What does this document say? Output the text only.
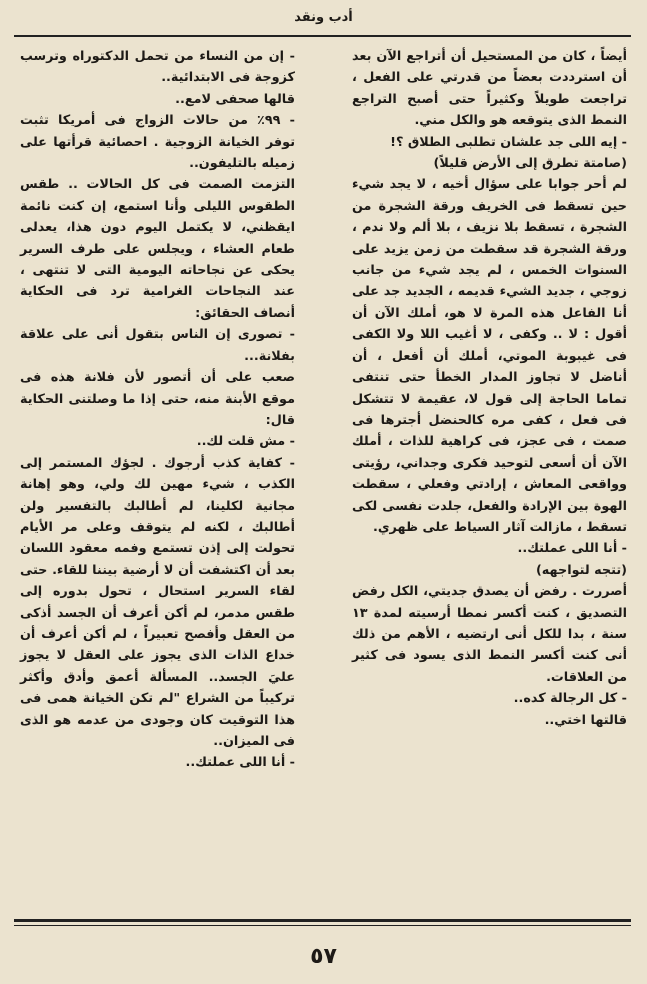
أدب ونقد

أيضاً ، كان من المستحيل أن أتراجع الآن بعد أن استرددت بعضاً من قدرتي على الفعل ، تراجعت طويلاً وكثيراً حتى أصبح التراجع النمط الذى يتوقعه هو والكل مني.

- إيه اللى جد علشان تطلبى الطلاق ؟!

(صامتة تطرق إلى الأرض قليلاً)

لم أحر جوابا على سؤال أخيه ، لا يجد شيء حين تسقط فى الخريف ورقة الشجرة من الشجرة ، تسقط بلا نزيف ، بلا ألم ولا ندم ، ورقة الشجرة قد سقطت من زمن يزيد على السنوات الخمس ، لم يجد شيء من جانب زوجي ، جديد الشيء قديمه ، الجديد جد على أنا الفاعل هذه المرة لا هو، أملك الآن أن أقول : لا .. وكفى ، لا أغيب اللا ولا الكفى فى غيبوبة الموتي، أملك أن أفعل ، أن أناضل لا تجاوز المدار الخطأ حتى تنتفى تماما الحاجة إلى قول لا، عقيمة لا تتشكل فى فعل ، كفى مره كالحنضل أجترها فى صمت ، فى عجز، فى كراهية للذات ، أملك الآن أن أسعى لتوحيد فكرى وجداني، رؤيتى وواقعى المعاش ، إرادتي وفعلي ، سقطت الهوة بين الإرادة والفعل، جلدت نفسى لكى تسقط ، مازالت آثار السياط على ظهري.

- أنا اللى عملتك..

(تتجه لتواجهه)

أصررت . رفض أن يصدق جديتي، الكل رفض التصديق ، كنت أكسر نمطا أرسيته لمدة ١٣ سنة ، بدا للكل أنى ارتضيه ، الأهم من ذلك أنى كنت أكسر النمط الذى يسود فى كثير من العلاقات.

- كل الرجالة كده..

قالتها اختي..

- إن من النساء من تحمل الدكتوراه وترسب كزوجة فى الابتدائية..

قالها صحفى لامع..

- ٩٩٪ من حالات الزواج فى أمريكا تثبت توفر الخيانة الزوجية . احصائية قرأتها على زميله بالتليفون..

التزمت الصمت فى كل الحالات .. طقس الطقوس الليلى وأنا استمع، إن كنت نائمة ايقظني، لا يكتمل اليوم دون هذا، يعدلى طعام العشاء ، ويجلس على طرف السرير يحكى عن نجاحاته اليومية التى لا تنتهى ، عند النجاحات الغرامية ترد فى الحكاية أنصاف الحقائق:

- تصورى إن الناس بتقول أنى على علاقة بفلانة...

صعب على أن أتصور لأن فلانة هذه فى موقع الأبنة منه، حتى إذا ما وصلتنى الحكاية قال:

- مش قلت لك..

- كفاية كذب أرجوك . لجؤك المستمر إلى الكذب ، شيء مهين لك ولي، وهو إهانة مجانية لكلينا، لم أطالبك بالتفسير ولن أطالبك ، لكنه لم يتوقف وعلى مر الأيام تحولت إلى إذن تستمع وفمه معقود اللسان بعد أن اكتشفت أن لا أرضية بيننا للقاء. حتى لقاء السرير استحال ، تحول بدوره إلى طقس مدمر، لم أكن أعرف أن الجسد أذكى من العقل وأفصح تعبيراً ، لم أكن أعرف أن خداع الذات الذى يجوز على العقل لا يجوز عليَ الجسد.. المسألة أعمق وأدق وأكثر تركيباً من الشراع "لم تكن الخيانة همى فى هذا التوقيت كان وجودى من عدمه هو الذى فى الميزان..

- أنا اللى عملتك..

٥٧
